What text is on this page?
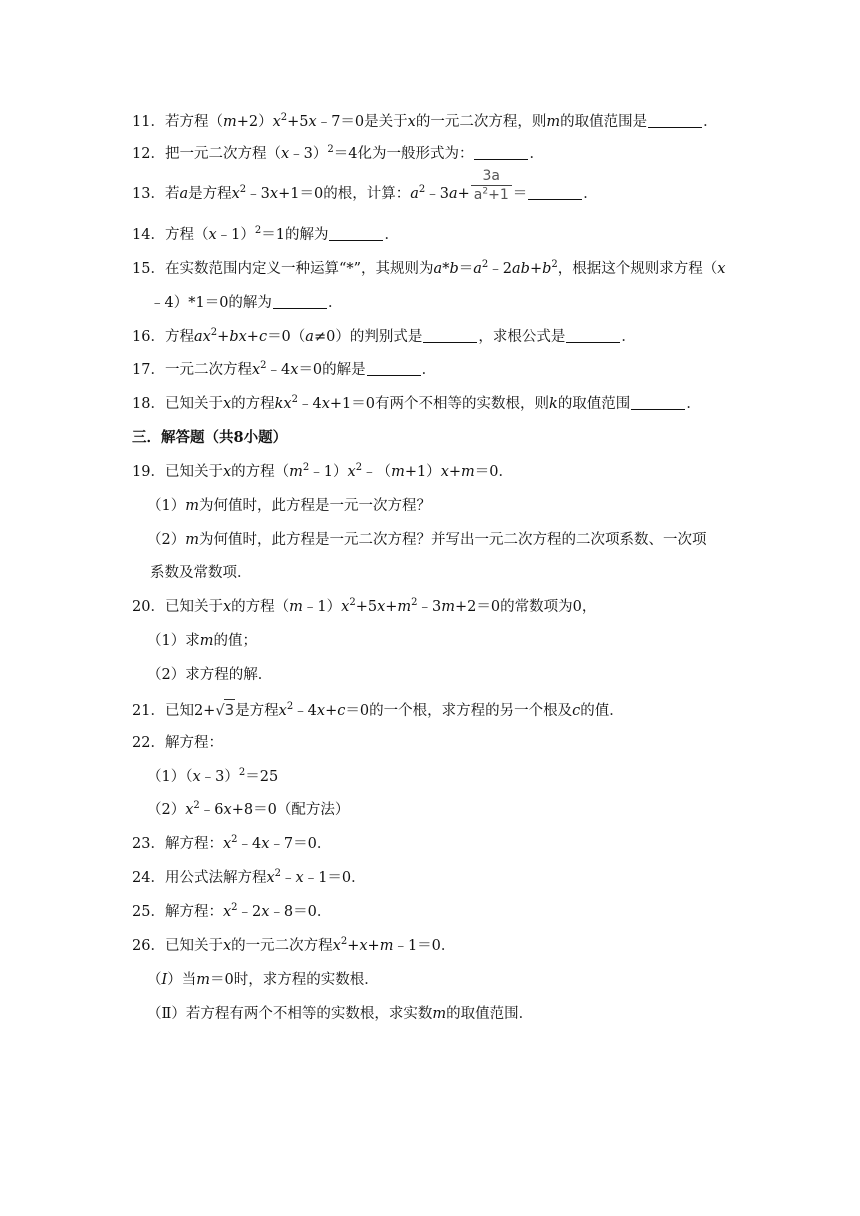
11．若方程$(m+2)x^2+5x﹣7=0$是关于x的一元二次方程，则m的取值范围是	．
12．把一元二次方程（x﹣3）$^2$＝4化为一般形式为：	．
13．若a是方程$x^2﹣3x+1=0$的根，计算：$a^2﹣3a+ \frac{3a}{a^2+1}$ ＝	．
14．方程（x﹣1）$^2$＝1的解为	．
15．在实数范围内定义一种运算“*”，其规则为$a*b=a^2﹣2ab+b^2$，根据这个规则求方程（x
﹣4）*1＝0的解为	．
16．方程$ax^2+bx+c=0(a\ne 0)$的判别式是	，求根公式是	．
17．一元二次方程$x^2﹣4x=0$的解是	．
18．已知关于x的方程$kx^2﹣4x+1=0$有两个不相等的实数根，则k的取值范围	．
三．解答题（共8小题）
19．已知关于x的方程$(m^2﹣1)x^2﹣(m+1)x+m=0$．
（1）m为何值时，此方程是一元一次方程？
（2）m为何值时，此方程是一元二次方程？并写出一元二次方程的二次项系数、一次项
系数及常数项．
20．已知关于x的方程$(m﹣1)x^2+5x+m^2﹣3m+2=0$的常数项为0，
（1）求m的值；
（2）求方程的解．
21．已知2+√3是方程$x^2﹣4x+c=0$的一个根，求方程的另一个根及c的值．
22．解方程：
（1）（x﹣3）$^2$＝25
$(2)x^2﹣6x+8=0$（配方法）
23．解方程：$x^2﹣4x﹣7=0$．
24．用公式法解方程$x^2﹣x﹣1=0$．
25．解方程：$x^2﹣2x﹣8=0$．
26．已知关于x的一元二次方程$x^2+x+m﹣1=0$．
（I）当m＝0时，求方程的实数根．
（Ⅱ）若方程有两个不相等的实数根，求实数m的取值范围．
